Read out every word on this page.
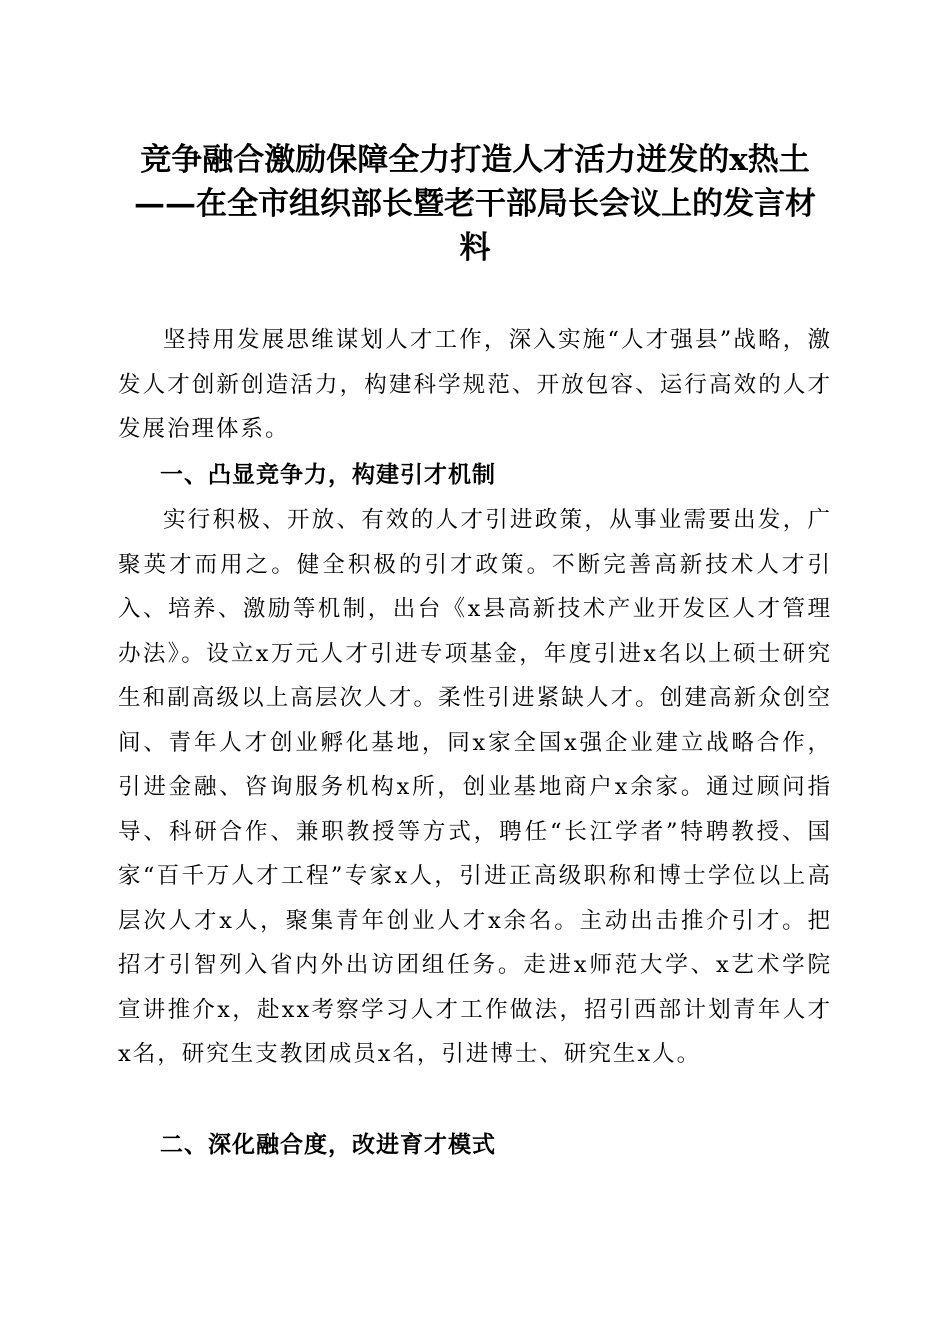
竞争融合激励保障全力打造人才活力迸发的x热土——在全市组织部长暨老干部局长会议上的发言材料

坚持用发展思维谋划人才工作，深入实施“人才强县”战略，激发人才创新创造活力，构建科学规范、开放包容、运行高效的人才发展治理体系。

一、凸显竞争力，构建引才机制

实行积极、开放、有效的人才引进政策，从事业需要出发，广聚英才而用之。健全积极的引才政策。不断完善高新技术人才引入、培养、激励等机制，出台《x县高新技术产业开发区人才管理办法》。设立x万元人才引进专项基金，年度引进x名以上硕士研究生和副高级以上高层次人才。柔性引进紧缺人才。创建高新众创空间、青年人才创业孵化基地，同x家全国x强企业建立战略合作，引进金融、咨询服务机构x所，创业基地商户x余家。通过顾问指导、科研合作、兼职教授等方式，聘任“长江学者”特聘教授、国家“百千万人才工程”专家x人，引进正高级职称和博士学位以上高层次人才x人，聚集青年创业人才x余名。主动出击推介引才。把招才引智列入省内外出访团组任务。走进x师范大学、x艺术学院宣讲推介x，赴xx考察学习人才工作做法，招引西部计划青年人才x名，研究生支教团成员x名，引进博士、研究生x人。

二、深化融合度，改进育才模式
